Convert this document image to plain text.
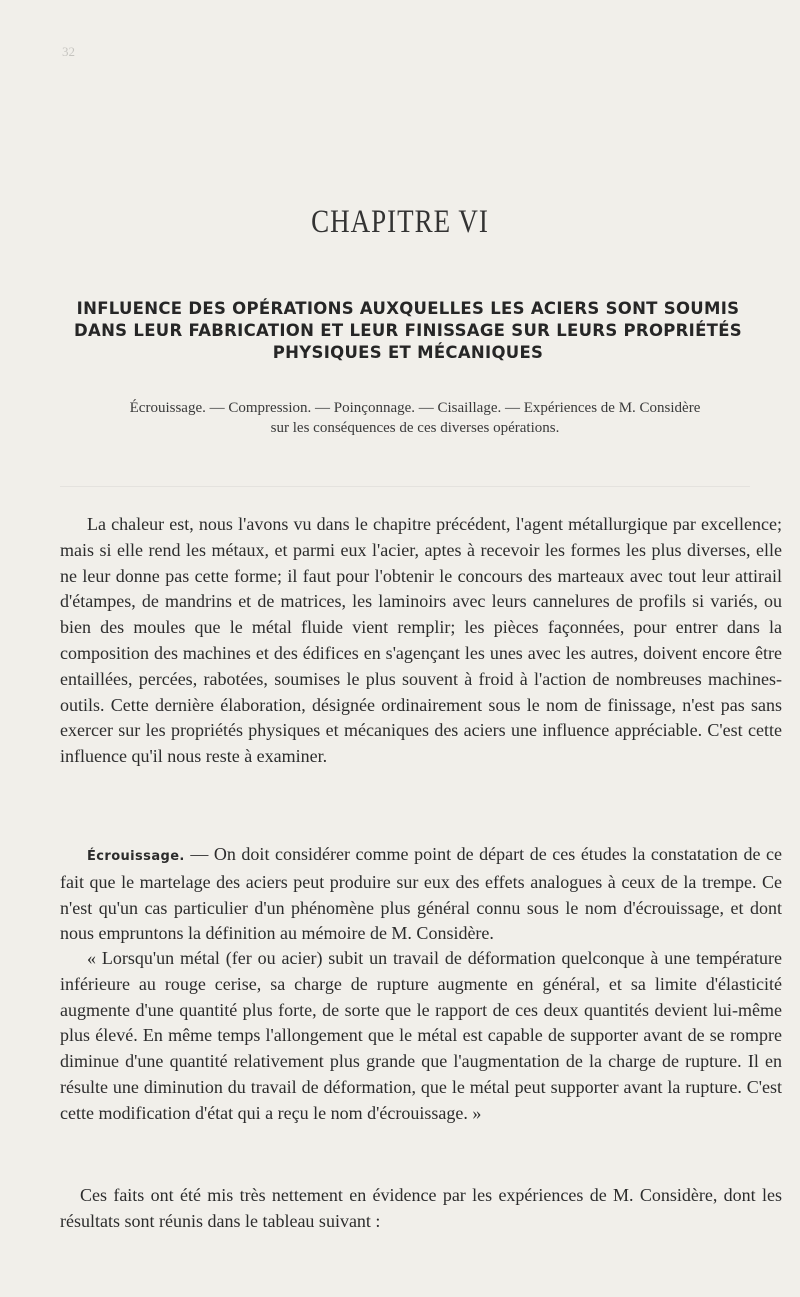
32
CHAPITRE VI
INFLUENCE DES OPÉRATIONS AUXQUELLES LES ACIERS SONT SOUMIS
DANS LEUR FABRICATION ET LEUR FINISSAGE SUR LEURS PROPRIÉTÉS
PHYSIQUES ET MÉCANIQUES
Écrouissage. — Compression. — Poinçonnage. — Cisaillage. — Expériences de M. Considère
sur les conséquences de ces diverses opérations.

La chaleur est, nous l'avons vu dans le chapitre précédent, l'agent métallurgique par excellence; mais si elle rend les métaux, et parmi eux l'acier, aptes à recevoir les formes les plus diverses, elle ne leur donne pas cette forme; il faut pour l'obtenir le concours des marteaux avec tout leur attirail d'étampes, de mandrins et de matrices, les laminoirs avec leurs cannelures de profils si variés, ou bien des moules que le métal fluide vient remplir; les pièces façonnées, pour entrer dans la composition des machines et des édifices en s'agençant les unes avec les autres, doivent encore être entaillées, percées, rabotées, soumises le plus souvent à froid à l'action de nombreuses machines-outils. Cette dernière élaboration, désignée ordinairement sous le nom de finissage, n'est pas sans exercer sur les propriétés physiques et mécaniques des aciers une influence appréciable. C'est cette influence qu'il nous reste à examiner.

Écrouissage. — On doit considérer comme point de départ de ces études la constatation de ce fait que le martelage des aciers peut produire sur eux des effets analogues à ceux de la trempe. Ce n'est qu'un cas particulier d'un phénomène plus général connu sous le nom d'écrouissage, et dont nous empruntons la définition au mémoire de M. Considère.

« Lorsqu'un métal (fer ou acier) subit un travail de déformation quelconque à une température inférieure au rouge cerise, sa charge de rupture augmente en général, et sa limite d'élasticité augmente d'une quantité plus forte, de sorte que le rapport de ces deux quantités devient lui-même plus élevé. En même temps l'allongement que le métal est capable de supporter avant de se rompre diminue d'une quantité relativement plus grande que l'augmentation de la charge de rupture. Il en résulte une diminution du travail de déformation, que le métal peut supporter avant la rupture. C'est cette modification d'état qui a reçu le nom d'écrouissage. »

Ces faits ont été mis très nettement en évidence par les expériences de M. Considère, dont les résultats sont réunis dans le tableau suivant :
